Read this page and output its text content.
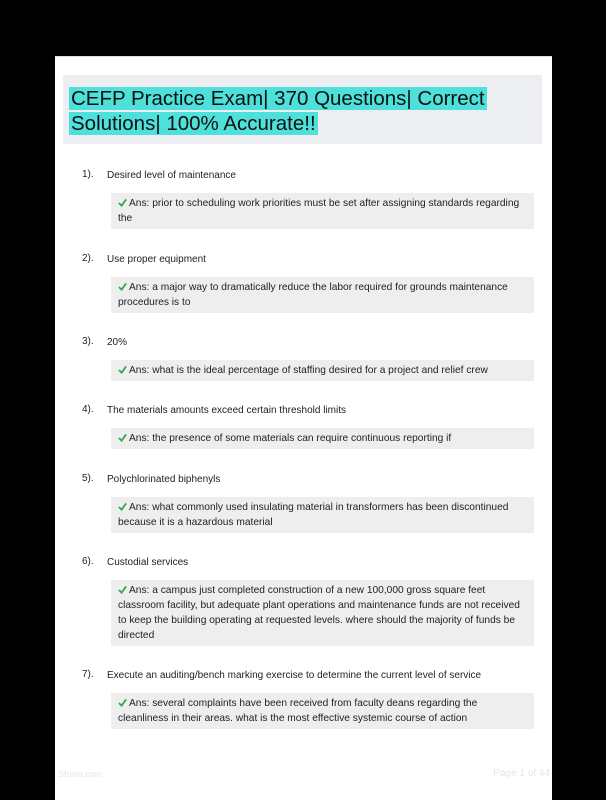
CEFP Practice Exam| 370 Questions| Correct Solutions| 100% Accurate!!
1). Desired level of maintenance
Ans: prior to scheduling work priorities must be set after assigning standards regarding the
2). Use proper equipment
Ans: a major way to dramatically reduce the labor required for grounds maintenance procedures is to
3). 20%
Ans: what is the ideal percentage of staffing desired for a project and relief crew
4). The materials amounts exceed certain threshold limits
Ans: the presence of some materials can require continuous reporting if
5). Polychlorinated biphenyls
Ans: what commonly used insulating material in transformers has been discontinued because it is a hazardous material
6). Custodial services
Ans: a campus just completed construction of a new 100,000 gross square feet classroom facility, but adequate plant operations and maintenance funds are not received to keep the building operating at requested levels. where should the majority of funds be directed
7). Execute an auditing/bench marking exercise to determine the current level of service
Ans: several complaints have been received from faculty deans regarding the cleanliness in their areas. what is the most effective systemic course of action
Stuvia.com	Page 1 of 44
